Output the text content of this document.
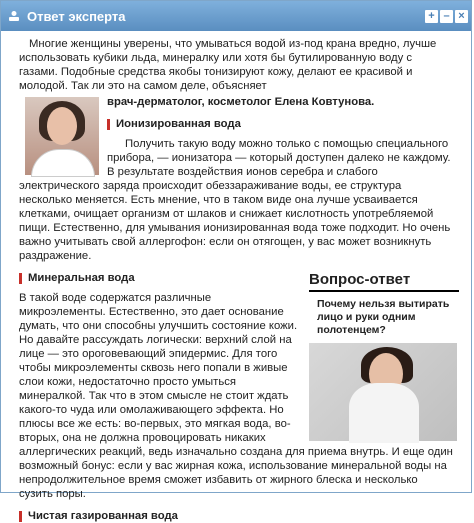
Ответ эксперта	+ – ×

Многие женщины уверены, что умываться водой из-под крана вредно, лучше использовать кубики льда, минералку или хотя бы бутилированную воду с газами. Подобные средства якобы тонизируют кожу, делают ее красивой и молодой. Так ли это на самом деле, объясняет

врач-дерматолог, косметолог Елена Ковтунова.

Ионизированная вода

Получить такую воду можно только с помощью специального прибора, — ионизатора — который доступен далеко не каждому. В результате воздействия ионов серебра и слабого электрического заряда происходит обеззараживание воды, ее структура несколько меняется. Есть мнение, что в таком виде она лучше усваивается клетками, очищает организм от шлаков и снижает кислотность употребляемой пищи. Естественно, для умывания ионизированная вода тоже подходит. Но очень важно учитывать свой аллергофон: если он отягощен, у вас может возникнуть раздражение.

Вопрос-ответ
Почему нельзя вытирать лицо и руки одним полотенцем?
Минеральная вода

В такой воде содержатся различные микроэлементы. Естественно, это дает основание думать, что они способны улучшить состояние кожи. Но давайте рассуждать логически: верхний слой на лице — это ороговевающий эпидермис. Для того чтобы микроэлементы сквозь него попали в живые слои кожи, недостаточно просто умыться минералкой. Так что в этом смысле не стоит ждать какого-то чуда или омолаживающего эффекта. Но плюсы все же есть: во-первых, это мягкая вода, во-вторых, она не должна провоцировать никаких аллергических реакций, ведь изначально создана для приема внутрь. И еще один возможный бонус: если у вас жирная кожа, использование минеральной воды на непродолжительное время сможет избавить от жирного блеска и несколько сузить поры.

Чистая газированная вода
